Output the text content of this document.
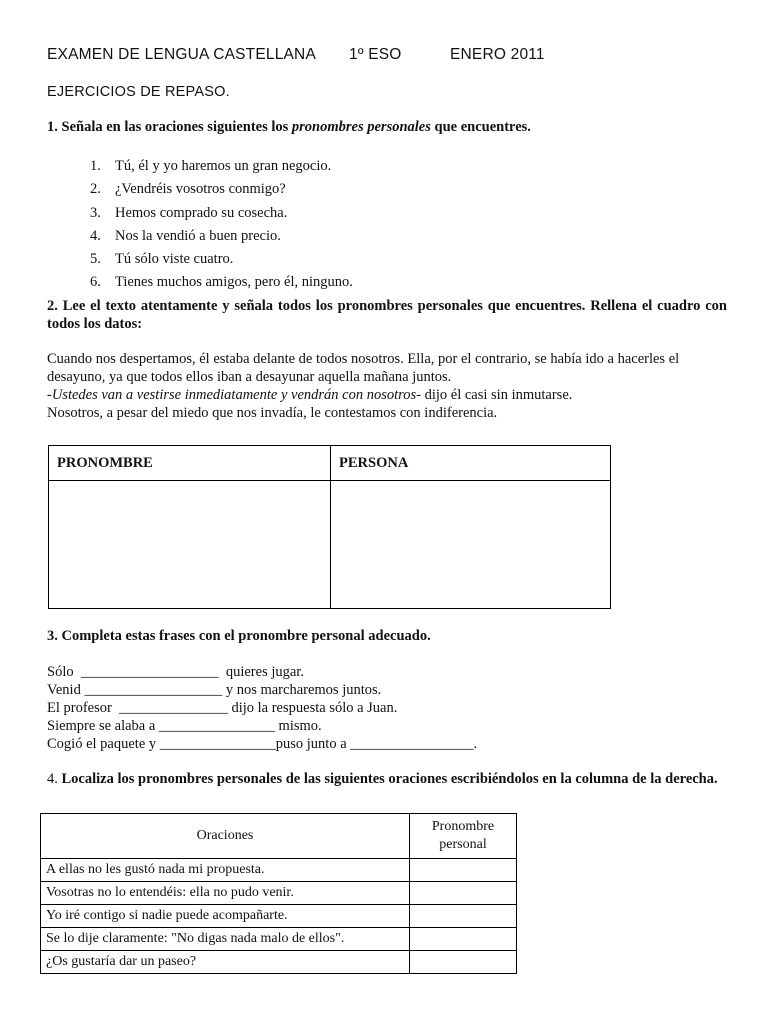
EXAMEN DE LENGUA CASTELLANA 1º ESO	ENERO 2011
EJERCICIOS DE REPASO.
1. Señala en las oraciones siguientes los pronombres personales que encuentres.
1. Tú, él y yo haremos un gran negocio.
2. ¿Vendréis vosotros conmigo?
3. Hemos comprado su cosecha.
4. Nos la vendió a buen precio.
5. Tú sólo viste cuatro.
6. Tienes muchos amigos, pero él, ninguno.
2. Lee el texto atentamente y señala todos los pronombres personales que encuentres. Rellena el cuadro con todos los datos:
Cuando nos despertamos, él estaba delante de todos nosotros. Ella, por el contrario, se había ido a hacerles el desayuno, ya que todos ellos iban a desayunar aquella mañana juntos.
-Ustedes van a vestirse inmediatamente y vendrán con nosotros- dijo él casi sin inmutarse.
Nosotros, a pesar del miedo que nos invadía, le contestamos con indiferencia.
PRONOMBRE	PERSONA

3. Completa estas frases con el pronombre personal adecuado.
Sólo  ___________________  quieres jugar.
Venid ___________________ y nos marcharemos juntos.
El profesor  _______________ dijo la respuesta sólo a Juan.
Siempre se alaba a ________________ mismo.
Cogió el paquete y ________________puso junto a _________________.
4. Localiza los pronombres personales de las siguientes oraciones escribiéndolos en la columna de la derecha.
Oraciones	Pronombre personal
A ellas no les gustó nada mi propuesta.	
Vosotras no lo entendéis: ella no pudo venir.	
Yo iré contigo si nadie puede acompañarte.	
Se lo dije claramente: "No digas nada malo de ellos".	
¿Os gustaría dar un paseo?	
